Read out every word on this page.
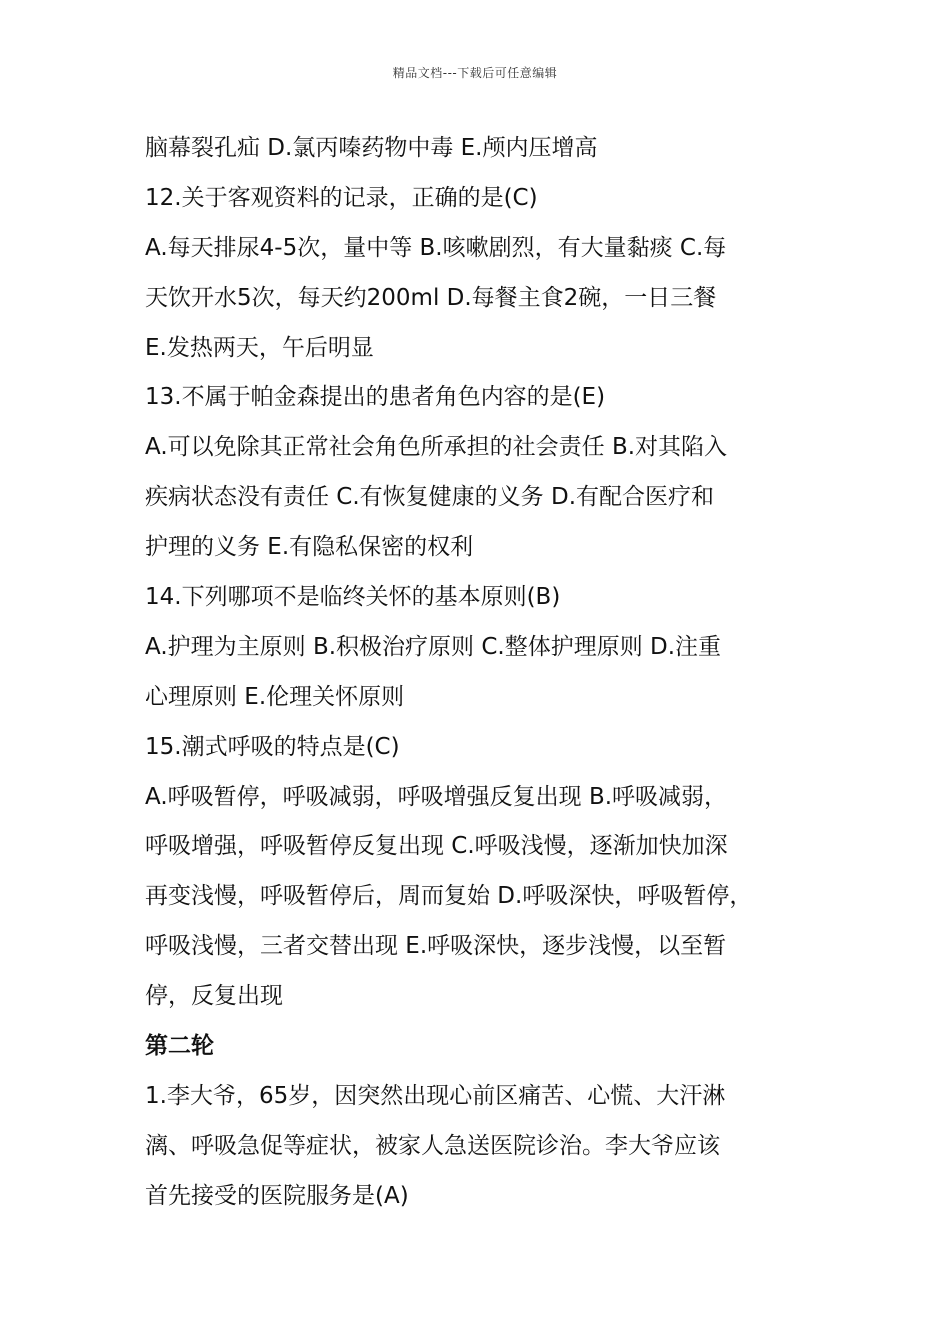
精品文档---下载后可任意编辑
脑幕裂孔疝 D.氯丙嗪药物中毒 E.颅内压增高
12.关于客观资料的记录，正确的是(C)
A.每天排尿4-5次，量中等 B.咳嗽剧烈，有大量黏痰 C.每
天饮开水5次，每天约200ml D.每餐主食2碗，一日三餐
E.发热两天，午后明显
13.不属于帕金森提出的患者角色内容的是(E)
A.可以免除其正常社会角色所承担的社会责任 B.对其陷入
疾病状态没有责任 C.有恢复健康的义务 D.有配合医疗和
护理的义务 E.有隐私保密的权利
14.下列哪项不是临终关怀的基本原则(B)
A.护理为主原则 B.积极治疗原则 C.整体护理原则 D.注重
心理原则 E.伦理关怀原则
15.潮式呼吸的特点是(C)
A.呼吸暂停，呼吸减弱，呼吸增强反复出现 B.呼吸减弱，
呼吸增强，呼吸暂停反复出现 C.呼吸浅慢，逐渐加快加深
再变浅慢，呼吸暂停后，周而复始 D.呼吸深快，呼吸暂停，
呼吸浅慢，三者交替出现 E.呼吸深快，逐步浅慢，以至暂
停，反复出现
第二轮
1.李大爷，65岁，因突然出现心前区痛苦、心慌、大汗淋
漓、呼吸急促等症状，被家人急送医院诊治。李大爷应该
首先接受的医院服务是(A)
